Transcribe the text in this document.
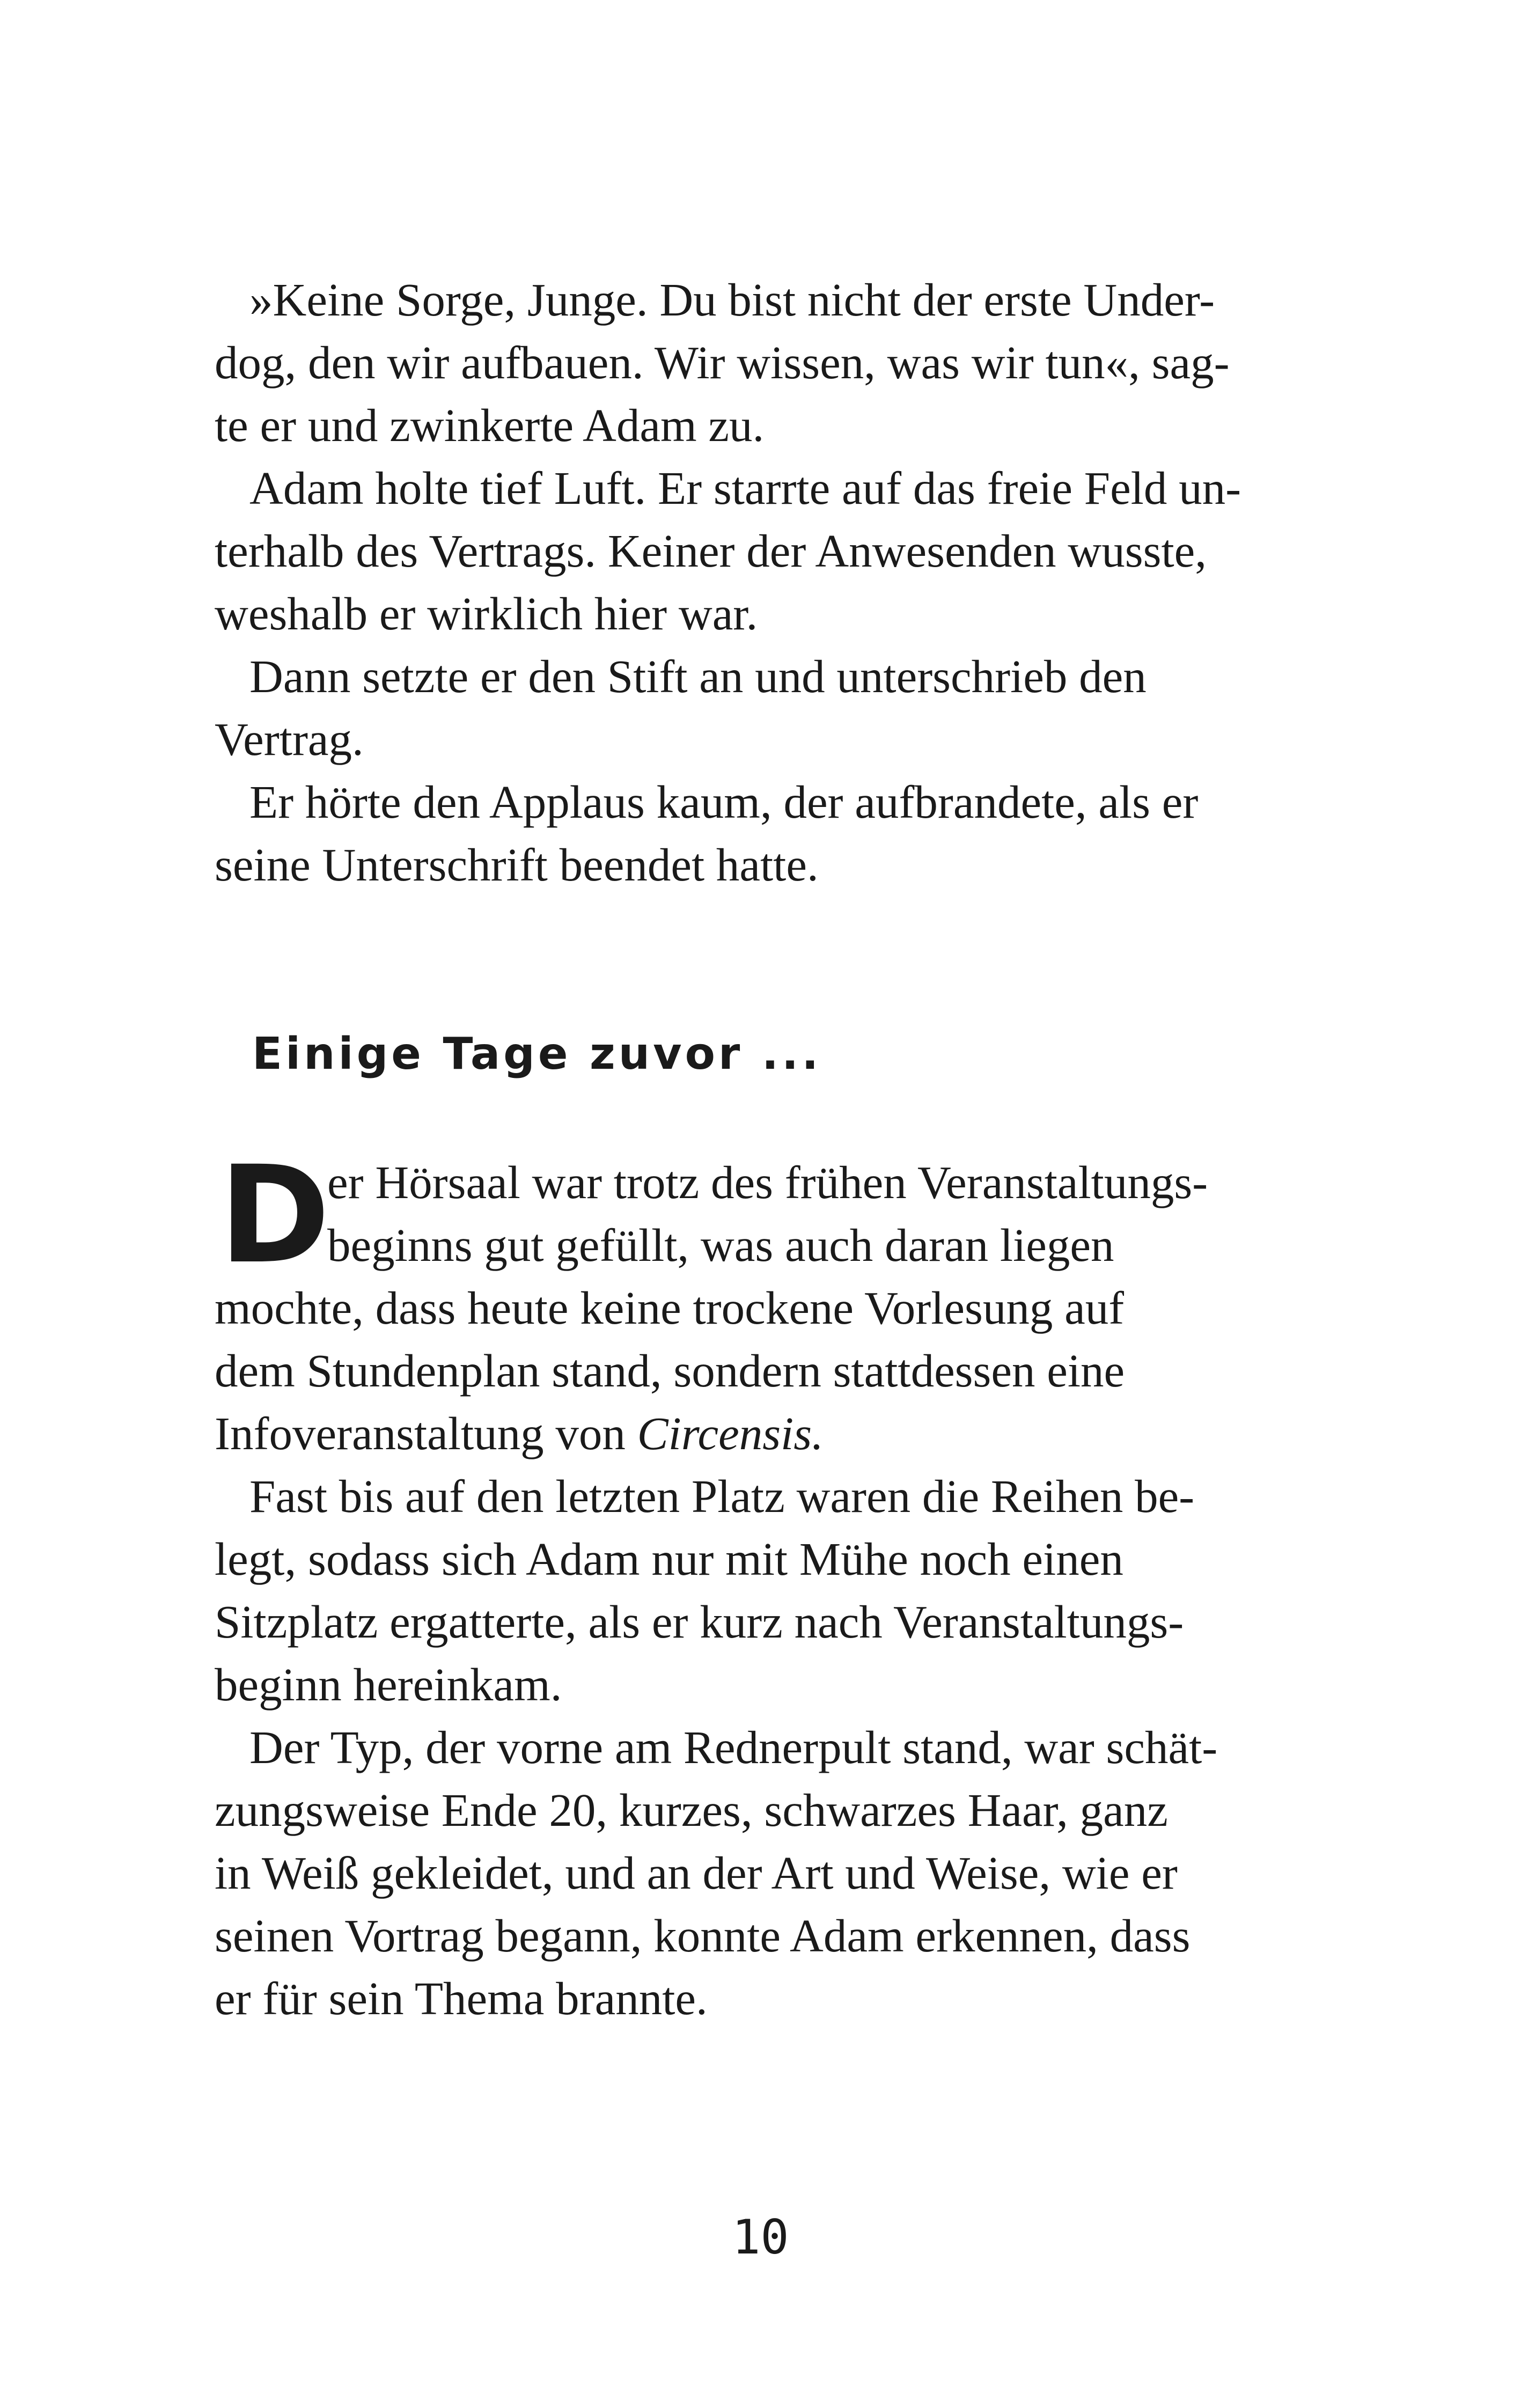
»Keine Sorge, Junge. Du bist nicht der erste Under-
dog, den wir aufbauen. Wir wissen, was wir tun«, sag-
te er und zwinkerte Adam zu.
Adam holte tief Luft. Er starrte auf das freie Feld un-
terhalb des Vertrags. Keiner der Anwesenden wusste,
weshalb er wirklich hier war.
Dann setzte er den Stift an und unterschrieb den
Vertrag.
Er hörte den Applaus kaum, der aufbrandete, als er
seine Unterschrift beendet hatte.
Einige Tage zuvor ...
D
er Hörsaal war trotz des frühen Veranstaltungs-
beginns gut gefüllt, was auch daran liegen
mochte, dass heute keine trockene Vorlesung auf
dem Stundenplan stand, sondern stattdessen eine
Infoveranstaltung von Circensis.
Fast bis auf den letzten Platz waren die Reihen be-
legt, sodass sich Adam nur mit Mühe noch einen
Sitzplatz ergatterte, als er kurz nach Veranstaltungs-
beginn hereinkam.
Der Typ, der vorne am Rednerpult stand, war schät-
zungsweise Ende 20, kurzes, schwarzes Haar, ganz
in Weiß gekleidet, und an der Art und Weise, wie er
seinen Vortrag begann, konnte Adam erkennen, dass
er für sein Thema brannte.
10
